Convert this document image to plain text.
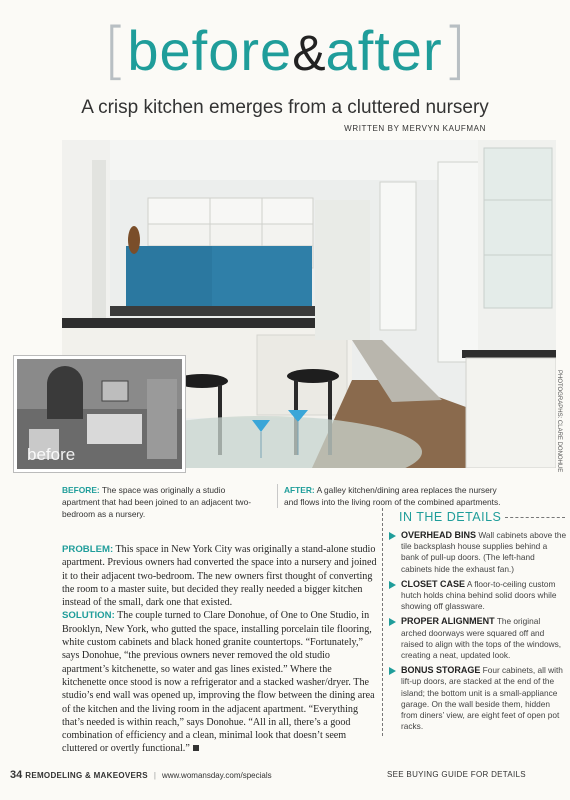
[before&after]
A crisp kitchen emerges from a cluttered nursery
WRITTEN BY MERVYN KAUFMAN
PHOTOGRAPHS: CLARE DONOHUE
before
BEFORE: The space was originally a studio apartment that had been joined to an adjacent two-bedroom as a nursery.
AFTER: A galley kitchen/dining area replaces the nursery and flows into the living room of the combined apartments.

PROBLEM: This space in New York City was originally a stand-alone studio apartment. Previous owners had converted the space into a nursery and joined it to their adjacent two-bedroom. The new owners first thought of converting the room to a master suite, but decided they really needed a bigger kitchen instead of the small, dark one that existed.

SOLUTION: The couple turned to Clare Donohue, of One to One Studio, in Brooklyn, New York, who gutted the space, installing porcelain tile flooring, white custom cabinets and black honed granite countertops. “Fortunately,” says Donohue, “the previous owners never removed the old studio apartment’s kitchenette, so water and gas lines existed.” Where the kitchenette once stood is now a refrigerator and a stacked washer/dryer. The studio’s end wall was opened up, improving the flow between the dining area of the kitchen and the living room in the adjacent apartment. “Everything that’s needed is within reach,” says Donohue. “All in all, there’s a good combination of efficiency and a clean, minimal look that doesn’t seem cluttered or overtly functional.”

IN THE DETAILS
OVERHEAD BINS Wall cabinets above the tile backsplash house supplies behind a bank of pull-up doors. (The left-hand cabinets hide the exhaust fan.)
CLOSET CASE A floor-to-ceiling custom hutch holds china behind solid doors while showing off glassware.
PROPER ALIGNMENT The original arched doorways were squared off and raised to align with the tops of the windows, creating a neat, updated look.
BONUS STORAGE Four cabinets, all with lift-up doors, are stacked at the end of the island; the bottom unit is a small-appliance garage. On the wall beside them, hidden from diners’ view, are eight feet of open pot racks.
34 REMODELING & MAKEOVERS | www.womansday.com/specials	SEE BUYING GUIDE FOR DETAILS
